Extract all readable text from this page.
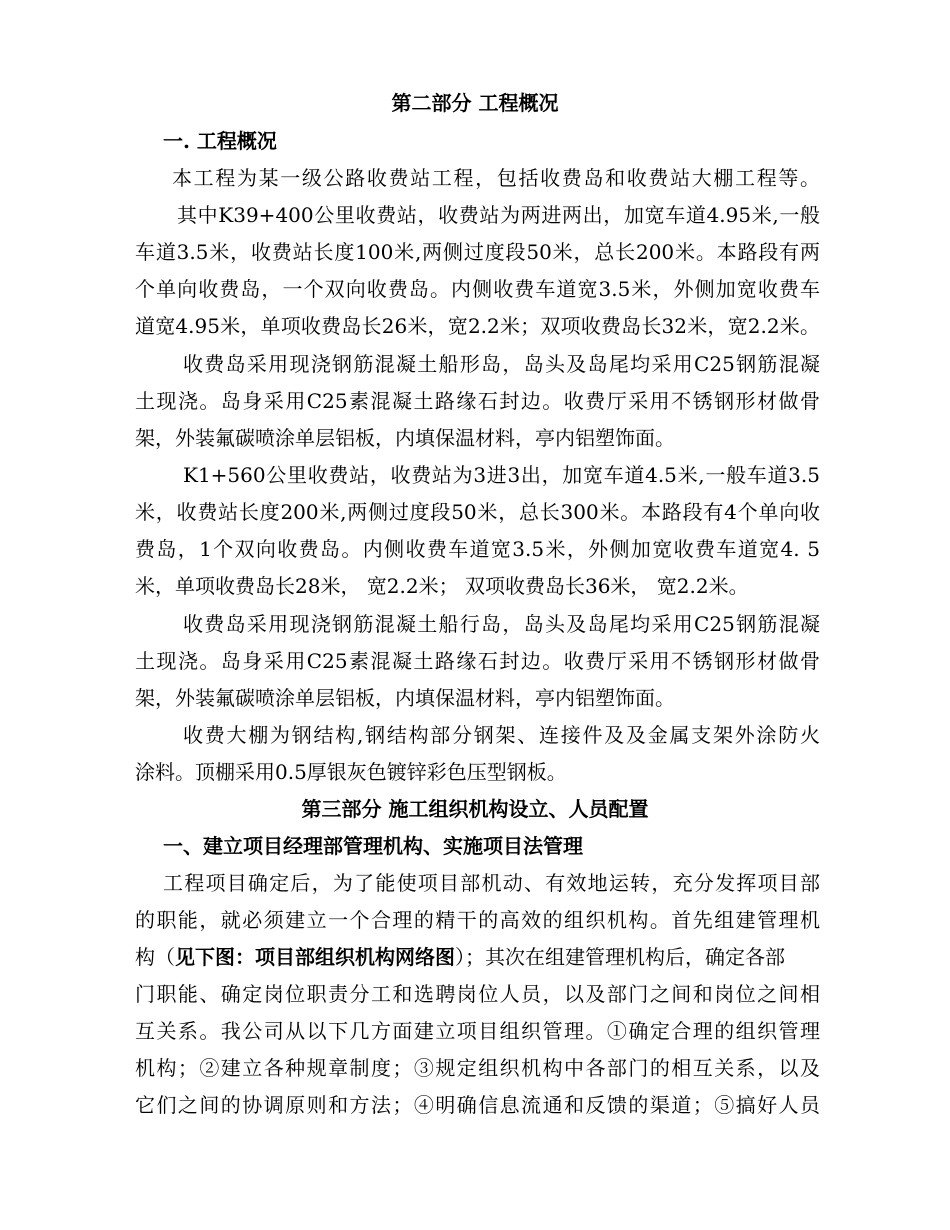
第二部分 工程概况
一. 工程概况
本工程为某一级公路收费站工程，包括收费岛和收费站大棚工程等。
其中K39+400公里收费站，收费站为两进两出，加宽车道4.95米,一般
车道3.5米，收费站长度100米,两侧过度段50米，总长200米。本路段有两
个单向收费岛，一个双向收费岛。内侧收费车道宽3.5米，外侧加宽收费车
道宽4.95米，单项收费岛长26米，宽2.2米；双项收费岛长32米，宽2.2米。
收费岛采用现浇钢筋混凝土船形岛，岛头及岛尾均采用C25钢筋混凝
土现浇。岛身采用C25素混凝土路缘石封边。收费厅采用不锈钢形材做骨
架，外装氟碳喷涂单层铝板，内填保温材料，亭内铝塑饰面。
K1+560公里收费站，收费站为3进3出，加宽车道4.5米,一般车道3.5
米，收费站长度200米,两侧过度段50米，总长300米。本路段有4个单向收
费岛，1个双向收费岛。内侧收费车道宽3.5米，外侧加宽收费车道宽4. 5
米，单项收费岛长28米， 宽2.2米； 双项收费岛长36米， 宽2.2米。
收费岛采用现浇钢筋混凝土船行岛，岛头及岛尾均采用C25钢筋混凝
土现浇。岛身采用C25素混凝土路缘石封边。收费厅采用不锈钢形材做骨
架，外装氟碳喷涂单层铝板，内填保温材料，亭内铝塑饰面。
收费大棚为钢结构,钢结构部分钢架、连接件及及金属支架外涂防火
涂料。顶棚采用0.5厚银灰色镀锌彩色压型钢板。
第三部分 施工组织机构设立、人员配置
一、建立项目经理部管理机构、实施项目法管理
工程项目确定后，为了能使项目部机动、有效地运转，充分发挥项目部
的职能，就必须建立一个合理的精干的高效的组织机构。首先组建管理机
构（见下图：项目部组织机构网络图）；其次在组建管理机构后，确定各部
门职能、确定岗位职责分工和选聘岗位人员，以及部门之间和岗位之间相
互关系。我公司从以下几方面建立项目组织管理。①确定合理的组织管理
机构；②建立各种规章制度；③规定组织机构中各部门的相互关系，以及
它们之间的协调原则和方法；④明确信息流通和反馈的渠道；⑤搞好人员
